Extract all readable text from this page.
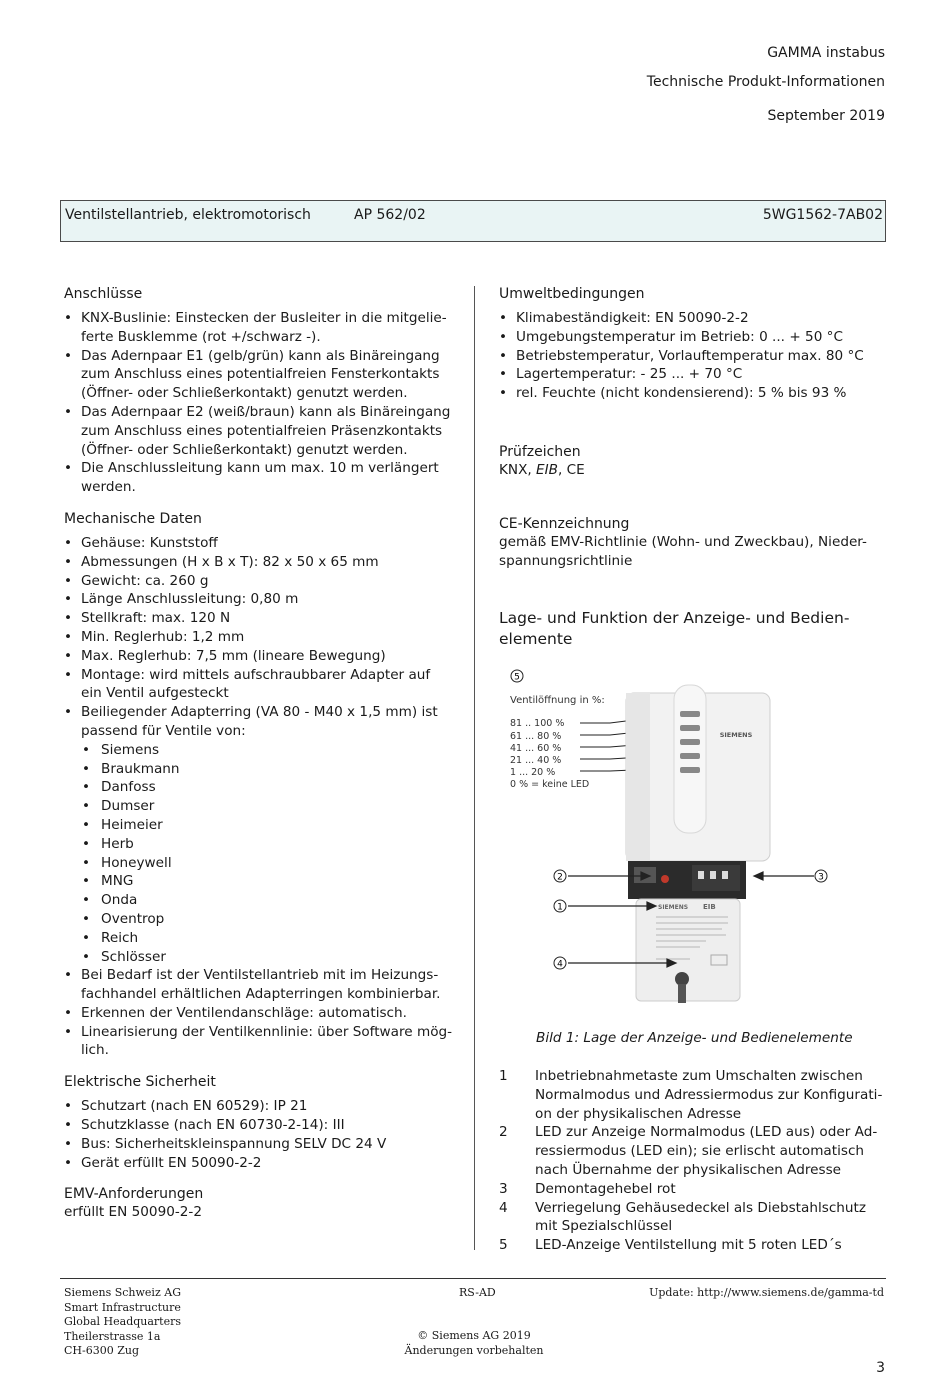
GAMMA instabus
Technische Produkt-Informationen
September 2019
Ventilstellantrieb, elektromotorisch	AP 562/02	5WG1562-7AB02
Anschlüsse
• KNX-Buslinie: Einstecken der Busleiter in die mitgelie-ferte Busklemme (rot +/schwarz -).
• Das Adernpaar E1 (gelb/grün) kann als Binäreingang zum Anschluss eines potentialfreien Fensterkontakts (Öffner- oder Schließerkontakt) genutzt werden.
• Das Adernpaar E2 (weiß/braun) kann als Binäreingang zum Anschluss eines potentialfreien Präsenzkontakts (Öffner- oder Schließerkontakt) genutzt werden.
• Die Anschlussleitung kann um max. 10 m verlängert werden.
Mechanische Daten
• Gehäuse: Kunststoff
• Abmessungen (H x B x T): 82 x 50 x 65 mm
• Gewicht: ca. 260 g
• Länge Anschlussleitung: 0,80 m
• Stellkraft: max. 120 N
• Min. Reglerhub: 1,2 mm
• Max. Reglerhub: 7,5 mm (lineare Bewegung)
• Montage: wird mittels aufschraubbarer Adapter auf ein Ventil aufgesteckt
• Beiliegender Adapterring (VA 80 - M40 x 1,5 mm) ist passend für Ventile von:
• Siemens
• Braukmann
• Danfoss
• Dumser
• Heimeier
• Herb
• Honeywell
• MNG
• Onda
• Oventrop
• Reich
• Schlösser
• Bei Bedarf ist der Ventilstellantrieb mit im Heizungs-fachhandel erhältlichen Adapterringen kombinierbar.
• Erkennen der Ventilendanschläge: automatisch.
• Linearisierung der Ventilkennlinie: über Software mög-lich.
Elektrische Sicherheit
• Schutzart (nach EN 60529): IP 21
• Schutzklasse (nach EN 60730-2-14): III
• Bus: Sicherheitskleinspannung SELV DC 24 V
• Gerät erfüllt EN 50090-2-2
EMV-Anforderungen
erfüllt EN 50090-2-2
Umweltbedingungen
• Klimabeständigkeit: EN 50090-2-2
• Umgebungstemperatur im Betrieb: 0 ... + 50 °C
• Betriebstemperatur, Vorlauftemperatur max. 80 °C
• Lagertemperatur: - 25 ... + 70 °C
• rel. Feuchte (nicht kondensierend): 5 % bis 93 %
Prüfzeichen
KNX, EIB, CE
CE-Kennzeichnung
gemäß EMV-Richtlinie (Wohn- und Zweckbau), Nieder-spannungsrichtlinie
Lage- und Funktion der Anzeige- und Bedien-elemente
5
Ventilöffnung in %:
81 .. 100 %
61 ... 80 %
41 ... 60 %
21 ... 40 %
1 ... 20 %
0 % = keine LED
SIEMENS
SIEMENS EIB
2
1
4
3
Bild 1: Lage der Anzeige- und Bedienelemente
1 Inbetriebnahmetaste zum Umschalten zwischen Normalmodus und Adressiermodus zur Konfigurati-on der physikalischen Adresse
2 LED zur Anzeige Normalmodus (LED aus) oder Ad-ressiermodus (LED ein); sie erlischt automatisch nach Übernahme der physikalischen Adresse
3 Demontagehebel rot
4 Verriegelung Gehäusedeckel als Diebstahlschutz mit Spezialschlüssel
5 LED-Anzeige Ventilstellung mit 5 roten LED´s
Siemens Schweiz AG
Smart Infrastructure
Global Headquarters
Theilerstrasse 1a
CH-6300 Zug
RS-AD	Update: http://www.siemens.de/gamma-td
© Siemens AG 2019
Änderungen vorbehalten
3
